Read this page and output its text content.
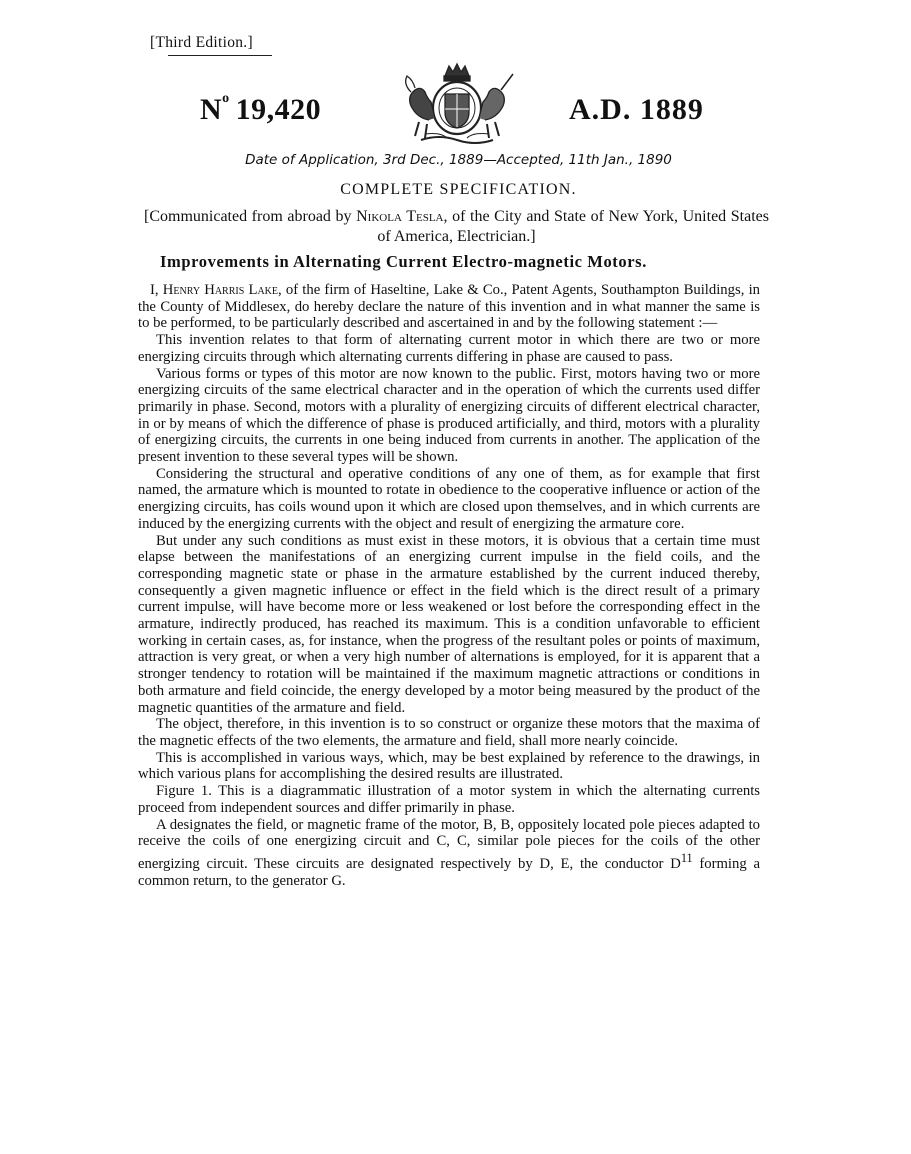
[Third Edition.]
$N^o$ 19,420	A.D. 1889
Date of Application, 3rd Dec., 1889—Accepted, 11th Jan., 1890
COMPLETE SPECIFICATION.
[Communicated from abroad by Nikola Tesla, of the City and State of New York, United States of America, Electrician.]
Improvements in Alternating Current Electro-magnetic Motors.

I, Henry Harris Lake, of the firm of Haseltine, Lake & Co., Patent Agents, Southampton Buildings, in the County of Middlesex, do hereby declare the nature of this invention and in what manner the same is to be performed, to be particularly described and ascertained in and by the following statement :—

This invention relates to that form of alternating current motor in which there are two or more energizing circuits through which alternating currents differing in phase are caused to pass.

Various forms or types of this motor are now known to the public. First, motors having two or more energizing circuits of the same electrical character and in the operation of which the currents used differ primarily in phase. Second, motors with a plurality of energizing circuits of different electrical character, in or by means of which the difference of phase is produced artificially, and third, motors with a plurality of energizing circuits, the currents in one being induced from currents in another. The application of the present invention to these several types will be shown.

Considering the structural and operative conditions of any one of them, as for example that first named, the armature which is mounted to rotate in obedience to the cooperative influence or action of the energizing circuits, has coils wound upon it which are closed upon themselves, and in which currents are induced by the energizing currents with the object and result of energizing the armature core.

But under any such conditions as must exist in these motors, it is obvious that a certain time must elapse between the manifestations of an energizing current impulse in the field coils, and the corresponding magnetic state or phase in the armature established by the current induced thereby, consequently a given magnetic influence or effect in the field which is the direct result of a primary current impulse, will have become more or less weakened or lost before the corresponding effect in the armature, indirectly produced, has reached its maximum. This is a condition unfavorable to efficient working in certain cases, as, for instance, when the progress of the resultant poles or points of maximum, attraction is very great, or when a very high number of alternations is employed, for it is apparent that a stronger tendency to rotation will be maintained if the maximum magnetic attractions or conditions in both armature and field coincide, the energy developed by a motor being measured by the product of the magnetic quantities of the armature and field.

The object, therefore, in this invention is to so construct or organize these motors that the maxima of the magnetic effects of the two elements, the armature and field, shall more nearly coincide.

This is accomplished in various ways, which, may be best explained by reference to the drawings, in which various plans for accomplishing the desired results are illustrated.

Figure 1. This is a diagrammatic illustration of a motor system in which the alternating currents proceed from independent sources and differ primarily in phase.

A designates the field, or magnetic frame of the motor, B, B, oppositely located pole pieces adapted to receive the coils of one energizing circuit and C, C, similar pole pieces for the coils of the other energizing circuit. These circuits are designated respectively by D, E, the conductor $D^{11}$ forming a common return, to the generator G.
